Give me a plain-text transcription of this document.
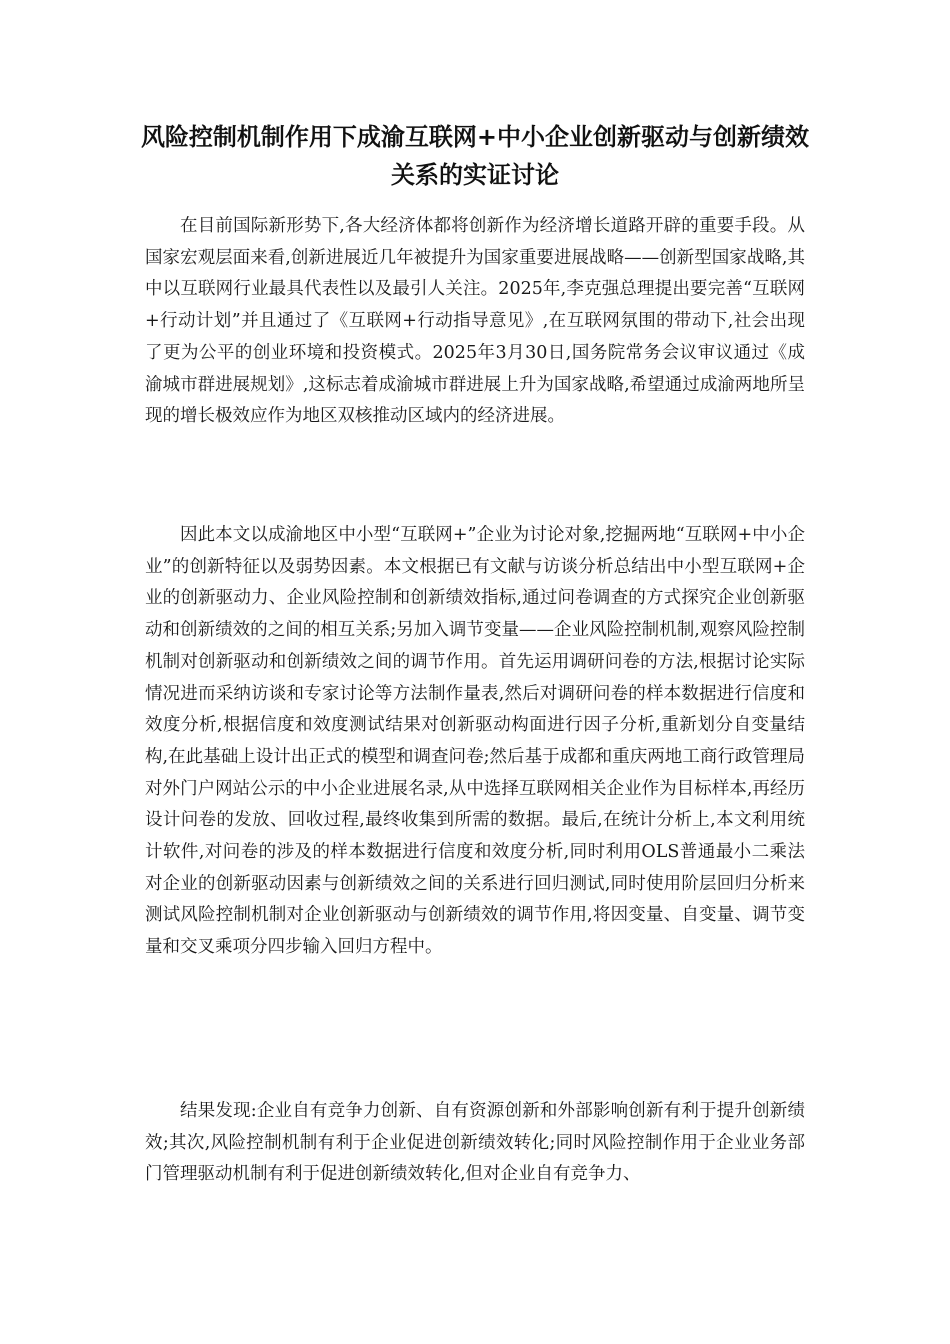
风险控制机制作用下成渝互联网+中小企业创新驱动与创新绩效关系的实证讨论

在目前国际新形势下,各大经济体都将创新作为经济增长道路开辟的重要手段。从国家宏观层面来看,创新进展近几年被提升为国家重要进展战略——创新型国家战略,其中以互联网行业最具代表性以及最引人关注。2025年,李克强总理提出要完善“互联网+行动计划”并且通过了《互联网+行动指导意见》,在互联网氛围的带动下,社会出现了更为公平的创业环境和投资模式。2025年3月30日,国务院常务会议审议通过《成渝城市群进展规划》,这标志着成渝城市群进展上升为国家战略,希望通过成渝两地所呈现的增长极效应作为地区双核推动区域内的经济进展。

因此本文以成渝地区中小型“互联网+”企业为讨论对象,挖掘两地“互联网+中小企业”的创新特征以及弱势因素。本文根据已有文献与访谈分析总结出中小型互联网+企业的创新驱动力、企业风险控制和创新绩效指标,通过问卷调查的方式探究企业创新驱动和创新绩效的之间的相互关系;另加入调节变量——企业风险控制机制,观察风险控制机制对创新驱动和创新绩效之间的调节作用。首先运用调研问卷的方法,根据讨论实际情况进而采纳访谈和专家讨论等方法制作量表,然后对调研问卷的样本数据进行信度和效度分析,根据信度和效度测试结果对创新驱动构面进行因子分析,重新划分自变量结构,在此基础上设计出正式的模型和调查问卷;然后基于成都和重庆两地工商行政管理局对外门户网站公示的中小企业进展名录,从中选择互联网相关企业作为目标样本,再经历设计问卷的发放、回收过程,最终收集到所需的数据。最后,在统计分析上,本文利用统计软件,对问卷的涉及的样本数据进行信度和效度分析,同时利用OLS普通最小二乘法对企业的创新驱动因素与创新绩效之间的关系进行回归测试,同时使用阶层回归分析来测试风险控制机制对企业创新驱动与创新绩效的调节作用,将因变量、自变量、调节变量和交叉乘项分四步输入回归方程中。

结果发现:企业自有竞争力创新、自有资源创新和外部影响创新有利于提升创新绩效;其次,风险控制机制有利于企业促进创新绩效转化;同时风险控制作用于企业业务部门管理驱动机制有利于促进创新绩效转化,但对企业自有竞争力、
